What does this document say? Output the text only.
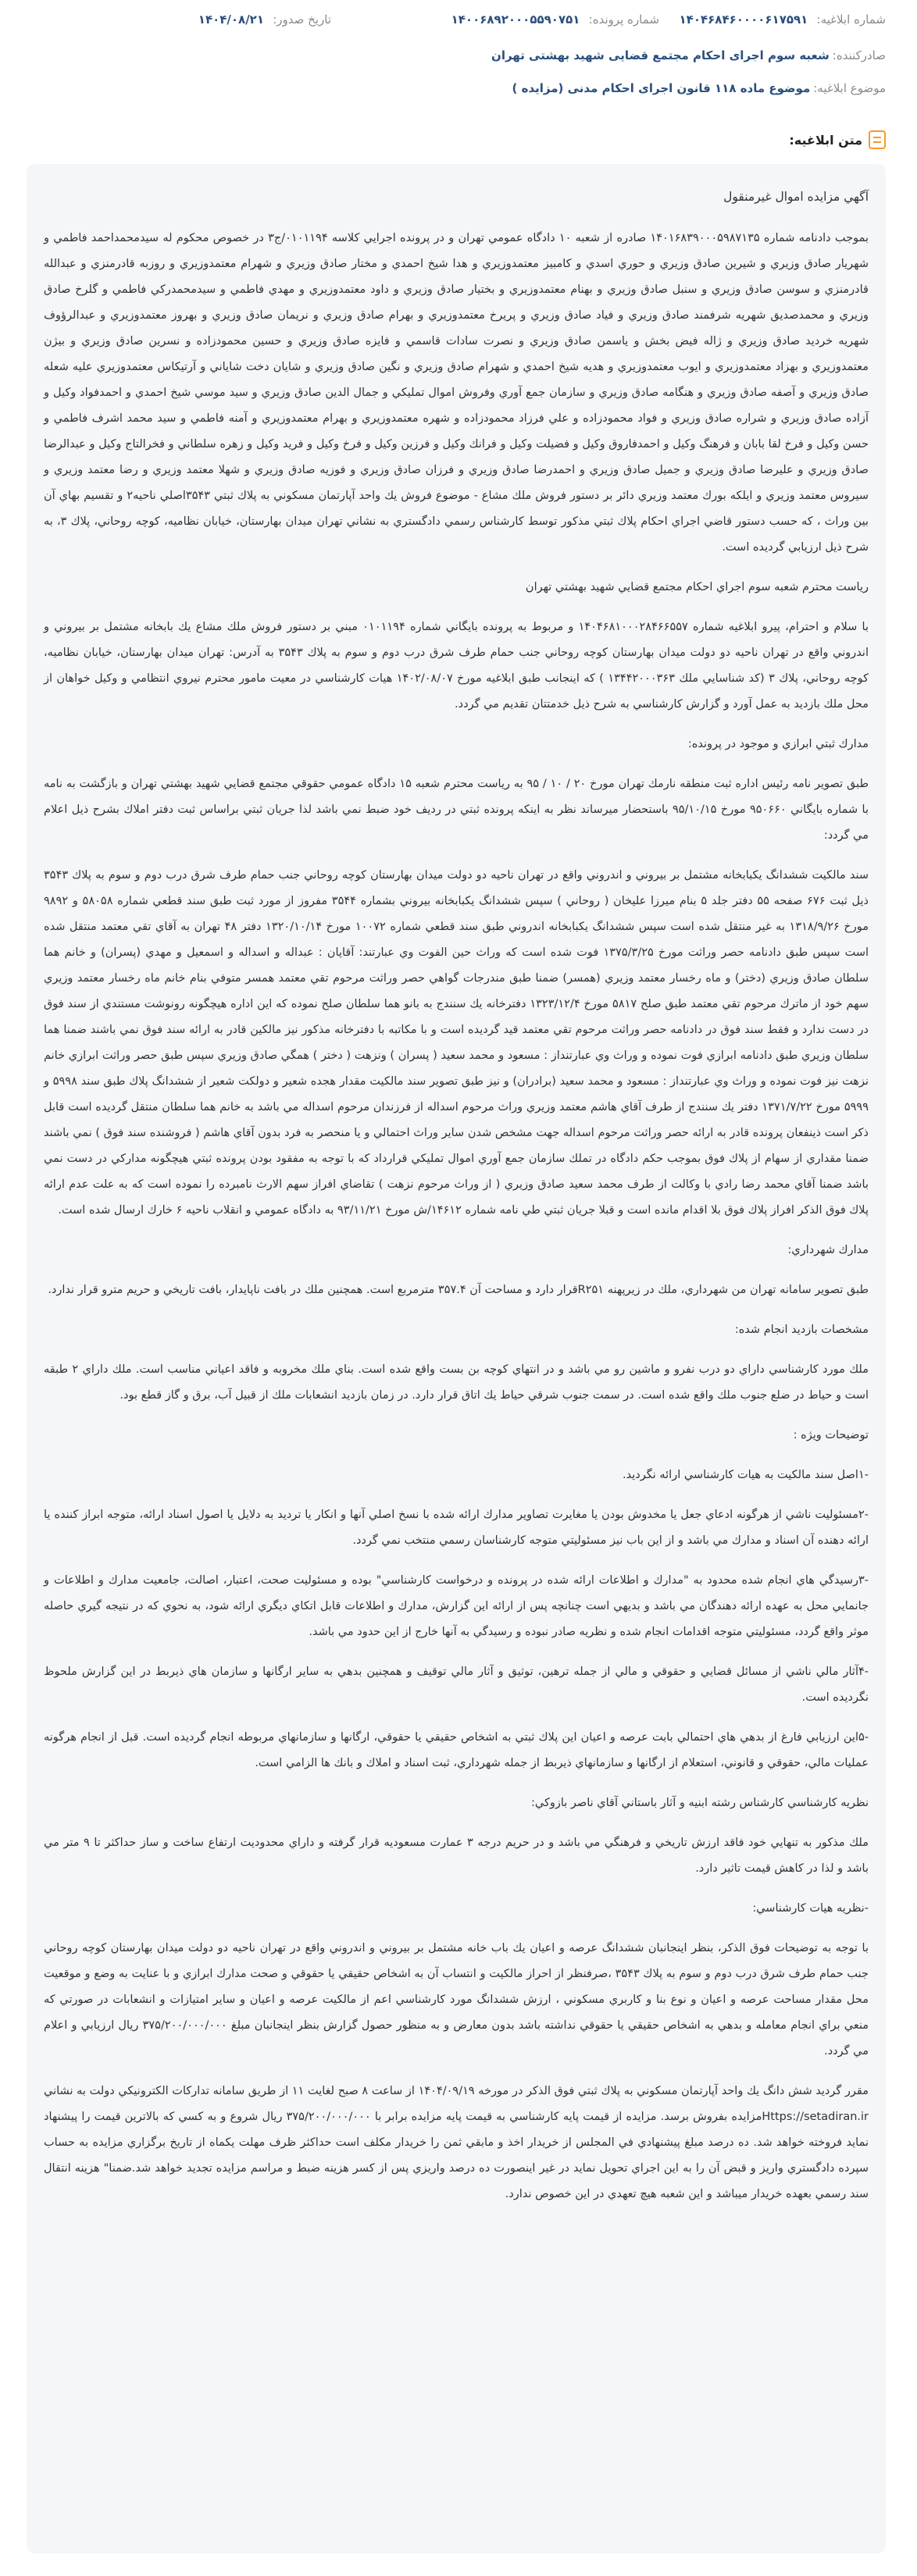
شماره ابلاغیه: ۱۴۰۴۶۸۴۶۰۰۰۰۶۱۷۵۹۱
شماره پرونده: ۱۴۰۰۶۸۹۲۰۰۰۵۵۹۰۷۵۱
تاریخ صدور: ۱۴۰۴/۰۸/۲۱
صادرکننده:
شعبه سوم اجرای احکام مجتمع قضایی شهید بهشتی تهران
موضوع ابلاغیه:
موضوع ماده ۱۱۸ قانون اجرای احکام مدنی (مزایده )
متن ابلاغیه:

آگهي مزايده اموال غيرمنقول

بموجب دادنامه شماره ۱۴۰۱۶۸۳۹۰۰۰۵۹۸۷۱۳۵ صادره از شعبه ۱۰ دادگاه عمومي تهران و در پرونده اجرايي كلاسه ۰۱۰۱۱۹۴/ج۳ در خصوص محكوم له سيدمحمداحمد فاطمي و شهريار صادق وزيري و شيرين صادق وزيري و حوري اسدي و كامبيز معتمدوزيري و هدا شيخ احمدي و مختار صادق وزيري و شهرام معتمدوزيري و روزبه قادرمنزي و عبدالله قادرمنزي و سوسن صادق وزيري و سنبل صادق وزيري و بهنام معتمدوزيري و بختيار صادق وزيري و داود معتمدوزيري و مهدي فاطمي و سيدمحمدركي فاطمي و گلرخ صادق وزيري و محمدصديق شهريه شرفمند صادق وزيري و فياد صادق وزيري و پريرخ معتمدوزيري و بهرام صادق وزيري و نريمان صادق وزيري و بهروز معتمدوزيري و عبدالرؤوف شهريه خرديد صادق وزيري و ژاله فيض بخش و ياسمن صادق وزيري و نصرت سادات قاسمي و فايزه صادق وزيري و حسين محمودزاده و نسرين صادق وزيري و بيژن معتمدوزيري و بهزاد معتمدوزيري و ايوب معتمدوزيري و هديه شيخ احمدي و شهرام صادق وزيري و نگين صادق وزيري و شايان دخت شاياني و آرتيكاس معتمدوزيري عليه شعله صادق وزيري و آصفه صادق وزيري و هنگامه صادق وزيري و سازمان جمع آوري وفروش اموال تمليكي و جمال الدين صادق وزيري و سيد موسي شيخ احمدي و احمدفواد وكيل و آزاده صادق وزيري و شراره صادق وزيري و فواد محمودزاده و علي فرزاد محمودزاده و شهره معتمدوزيري و بهرام معتمدوزيري و آمنه فاطمي و سيد محمد اشرف فاطمي و حسن وكيل و فرخ لقا بابان و فرهنگ وكيل و احمدفاروق وكيل و فضيلت وكيل و فرانك وكيل و فرزين وكيل و فرخ وكيل و فريد وكيل و زهره سلطاني و فخرالتاج وكيل و عبدالرضا صادق وزيري و عليرضا صادق وزيري و جميل صادق وزيري و احمدرضا صادق وزيري و فرزان صادق وزيري و فوزيه صادق وزيري و شهلا معتمد وزيري و رضا معتمد وزيري و سيروس معتمد وزيري و ايلكه بورك معتمد وزيري دائر بر دستور فروش ملك مشاع - موضوع فروش يك واحد آپارتمان مسكوني به پلاك ثبتي ۳۵۴۳اصلي ناحيه۲ و تقسيم بهاي آن بين وراث ، كه حسب دستور قاضي اجراي احكام پلاك ثبتي مذكور توسط كارشناس رسمي دادگستري به نشاني تهران ميدان بهارستان، خيابان نظاميه، كوچه روحاني، پلاك ۳، به شرح ذيل ارزيابي گرديده است.

رياست محترم شعبه سوم اجراي احكام مجتمع قضايي شهيد بهشتي تهران

با سلام و احترام، پيرو ابلاغيه شماره ۱۴۰۴۶۸۱۰۰۰۲۸۴۶۶۵۵۷ و مربوط به پرونده بايگاني شماره ۰۱۰۱۱۹۴ مبني بر دستور فروش ملك مشاع يك بابخانه مشتمل بر بيروني و اندروني واقع در تهران ناحيه دو دولت ميدان بهارستان كوچه روحاني جنب حمام طرف شرق درب دوم و سوم به پلاك ۳۵۴۳ به آدرس: تهران ميدان بهارستان، خيابان نظاميه، كوچه روحاني، پلاك ۳ (كد شناسايي ملك ۱۳۴۴۲۰۰۰۳۶۳ ) كه اينجانب طبق ابلاغيه مورخ ۱۴۰۲/۰۸/۰۷ هيات كارشناسي در معيت مامور محترم نيروي انتظامي و وكيل خواهان از محل ملك بازديد به عمل آورد و گزارش كارشناسي به شرح ذيل خدمتتان تقديم مي گردد.

مدارك ثبتي ابرازي و موجود در پرونده:

طبق تصوير نامه رئيس اداره ثبت منطقه نارمك تهران مورخ ۲۰ / ۱۰ / ۹۵ به رياست محترم شعبه ۱۵ دادگاه عمومي حقوقي مجتمع قضايي شهيد بهشتي تهران و بازگشت به نامه با شماره بايگاني ۹۵۰۶۶۰ مورخ ۹۵/۱۰/۱۵ باستحضار ميرساند نظر به اينكه پرونده ثبتي در رديف خود ضبط نمي باشد لذا جريان ثبتي براساس ثبت دفتر املاك بشرح ذيل اعلام مي گردد:

سند مالكيت ششدانگ يكبابخانه مشتمل بر بيروني و اندروني واقع در تهران ناحيه دو دولت ميدان بهارستان كوچه روحاني جنب حمام طرف شرق درب دوم و سوم به پلاك ۳۵۴۳ ذيل ثبت ۶۷۶ صفحه ۵۵ دفتر جلد ۵ بنام ميرزا عليخان ( روحاني ) سپس ششدانگ يكبابخانه بيروني بشماره ۳۵۴۴ مفروز از مورد ثبت طبق سند قطعي شماره ۵۸۰۵۸ و ۹۸۹۲ مورخ ۱۳۱۸/۹/۲۶ به غير منتقل شده است سپس ششدانگ يكبابخانه اندروني طبق سند قطعي شماره ۱۰۰۷۲ مورخ ۱۳۲۰/۱۰/۱۴ دفتر ۴۸ تهران به آقاي تقي معتمد منتقل شده است سپس طبق دادنامه حصر وراثت مورخ ۱۳۷۵/۳/۲۵ فوت شده است كه وراث حين الفوت وي عبارتند: آقايان : عبداله و اسداله و اسمعيل و مهدي (پسران) و خانم هما سلطان صادق وزيري (دختر) و ماه رخسار معتمد وزيري (همسر) ضمنا طبق مندرجات گواهي حصر وراثت مرحوم تقي معتمد همسر متوفي بنام خانم ماه رخسار معتمد وزيري سهم خود از ماترك مرحوم تقي معتمد طبق صلح ۵۸۱۷ مورخ ۱۳۲۳/۱۲/۴ دفترخانه يك سنندج به بانو هما سلطان صلح نموده كه اين اداره هيچگونه رونوشت مستندي از سند فوق در دست ندارد و فقط سند فوق در دادنامه حصر وراثت مرحوم تقي معتمد قيد گرديده است و با مكاتبه با دفترخانه مذكور نيز مالكين قادر به ارائه سند فوق نمي باشند ضمنا هما سلطان وزيري طبق دادنامه ابرازي فوت نموده و وراث وي عبارتنداز : مسعود و محمد سعيد ( پسران ) ونزهت ( دختر ) همگي صادق وزيري سپس طبق حصر وراثت ابرازي خانم نزهت نيز فوت نموده و وراث وي عبارتنداز : مسعود و محمد سعيد (برادران) و نيز طبق تصوير سند مالكيت مقدار هجده شعير و دولكت شعير از ششدانگ پلاك طبق سند ۵۹۹۸ و ۵۹۹۹ مورخ ۱۳۷۱/۷/۲۲ دفتر يك سنندج از طرف آقاي هاشم معتمد وزيري وراث مرحوم اسداله از فرزندان مرحوم اسداله مي باشد به خانم هما سلطان منتقل گرديده است قابل ذكر است ذينفعان پرونده قادر به ارائه حصر وراثت مرحوم اسداله جهت مشخص شدن ساير وراث احتمالي و يا منحصر به فرد بدون آقاي هاشم ( فروشنده سند فوق ) نمي باشند ضمنا مقداري از سهام از پلاك فوق بموجب حكم دادگاه در تملك سازمان جمع آوري اموال تمليكي قرارداد كه با توجه به مفقود بودن پرونده ثبتي هيچگونه مداركي در دست نمي باشد ضمنا آقاي محمد رضا رادي با وكالت از طرف محمد سعيد صادق وزيري ( از وراث مرحوم نزهت ) تقاضاي افراز سهم الارث نامبرده را نموده است كه به علت عدم ارائه پلاك فوق الذكر افراز پلاك فوق بلا اقدام مانده است و قبلا جريان ثبتي طي نامه شماره ۱۴۶۱۲/ش مورخ ۹۳/۱۱/۲۱ به دادگاه عمومي و انقلاب ناحيه ۶ خارك ارسال شده است.

مدارك شهرداري:

طبق تصوير سامانه تهران من شهرداري، ملك در زيرپهنه R۲۵۱قرار دارد و مساحت آن ۳۵۷.۴ مترمربع است. همچنين ملك در بافت ناپايدار، بافت تاريخي و حريم مترو قرار ندارد.

مشخصات بازديد انجام شده:

ملك مورد كارشناسي داراي دو درب نفرو و ماشين رو مي باشد و در انتهاي كوچه بن بست واقع شده است. بناي ملك مخروبه و فاقد اعياني مناسب است. ملك داراي ۲ طبقه است و حياط در ضلع جنوب ملك واقع شده است. در سمت جنوب شرقي حياط يك اتاق قرار دارد. در زمان بازديد انشعابات ملك از قبيل آب، برق و گاز قطع بود.

توضيحات ويژه :

-۱اصل سند مالكيت به هيات كارشناسي ارائه نگرديد.

-۲مسئوليت ناشي از هرگونه ادعاي جعل يا مخدوش بودن يا مغايرت تصاوير مدارك ارائه شده با نسخ اصلي آنها و انكار يا ترديد به دلايل يا اصول اسناد ارائه، متوجه ابراز كننده يا ارائه دهنده آن اسناد و مدارك مي باشد و از اين باب نيز مسئوليتي متوجه كارشناسان رسمي منتخب نمي گردد.

-۳رسيدگي هاي انجام شده محدود به "مدارك و اطلاعات ارائه شده در پرونده و درخواست كارشناسي" بوده و مسئوليت صحت، اعتبار، اصالت، جامعيت مدارك و اطلاعات و جانمايي محل به عهده ارائه دهندگان مي باشد و بديهي است چنانچه پس از ارائه اين گزارش، مدارك و اطلاعات قابل اتكاي ديگري ارائه شود، به نحوي كه در نتيجه گيري حاصله موثر واقع گردد، مسئوليتي متوجه اقدامات انجام شده و نظريه صادر نبوده و رسيدگي به آنها خارج از اين حدود مي باشد.

-۴آثار مالي ناشي از مسائل قضايي و حقوقي و مالي از جمله ترهين، توثيق و آثار مالي توقيف و همچنين بدهي به ساير ارگانها و سازمان هاي ذيربط در اين گزارش ملحوظ نگرديده است.

-۵اين ارزيابي فارغ از بدهي هاي احتمالي بابت عرصه و اعيان اين پلاك ثبتي به اشخاص حقيقي يا حقوقي، ارگانها و سازمانهاي مربوطه انجام گرديده است. قبل از انجام هرگونه عمليات مالي، حقوقي و قانوني، استعلام از ارگانها و سازمانهاي ذيربط از جمله شهرداري، ثبت اسناد و املاك و بانك ها الزامي است.

نظريه كارشناسي كارشناس رشته ابنيه و آثار باستاني آقاي ناصر بازوكي:

ملك مذكور به تنهايي خود فاقد ارزش تاريخي و فرهنگي مي باشد و در حريم درجه ۳ عمارت مسعوديه قرار گرفته و داراي محدوديت ارتفاع ساخت و ساز حداكثر تا ۹ متر مي باشد و لذا در كاهش قيمت تاثير دارد.

-نظريه هيات كارشناسي:

با توجه به توضيحات فوق الذكر، بنظر اينجانبان ششدانگ عرصه و اعيان يك باب خانه مشتمل بر بيروني و اندروني واقع در تهران ناحيه دو دولت ميدان بهارستان كوچه روحاني جنب حمام طرف شرق درب دوم و سوم به پلاك ۳۵۴۳ ،صرفنظر از احراز مالكيت و انتساب آن به اشخاص حقيقي يا حقوقي و صحت مدارك ابرازي و با عنايت به وضع و موقعيت محل مقدار مساحت عرصه و اعيان و نوع بنا و كاربري مسكوني ، ارزش ششدانگ مورد كارشناسي اعم از مالكيت عرصه و اعيان و ساير امتيازات و انشعابات در صورتي كه منعي براي انجام معامله و بدهي به اشخاص حقيقي يا حقوقي نداشته باشد بدون معارض و به منظور حصول گزارش بنظر اينجانبان مبلغ ۳۷۵/۲۰۰/۰۰۰/۰۰۰ ريال ارزيابي و اعلام مي گردد.

مقرر گرديد شش دانگ يك واحد آپارتمان مسكوني به پلاك ثبتي فوق الذكر در مورخه ۱۴۰۴/۰۹/۱۹ از ساعت ۸ صبح لغايت ۱۱ از طريق سامانه تداركات الكترونيكي دولت به نشاني Https://setadiran.irمزايده بفروش برسد. مزايده از قيمت پايه كارشناسي به قيمت پايه مزايده برابر با ۳۷۵/۲۰۰/۰۰۰/۰۰۰ ريال شروع و به كسي كه بالاترين قيمت را پيشنهاد نمايد فروخته خواهد شد. ده درصد مبلغ پيشنهادي في المجلس از خريدار اخذ و مابقي ثمن را خريدار مكلف است حداكثر ظرف مهلت يكماه از تاريخ برگزاري مزايده به حساب سپرده دادگستري واريز و قبض آن را به اين اجراي تحويل نمايد در غير اينصورت ده درصد واريزي پس از كسر هزينه ضبط و مراسم مزايده تجديد خواهد شد.ضمنا" هزينه انتقال سند رسمي بعهده خريدار ميباشد و اين شعبه هيچ تعهدي در اين خصوص ندارد.
